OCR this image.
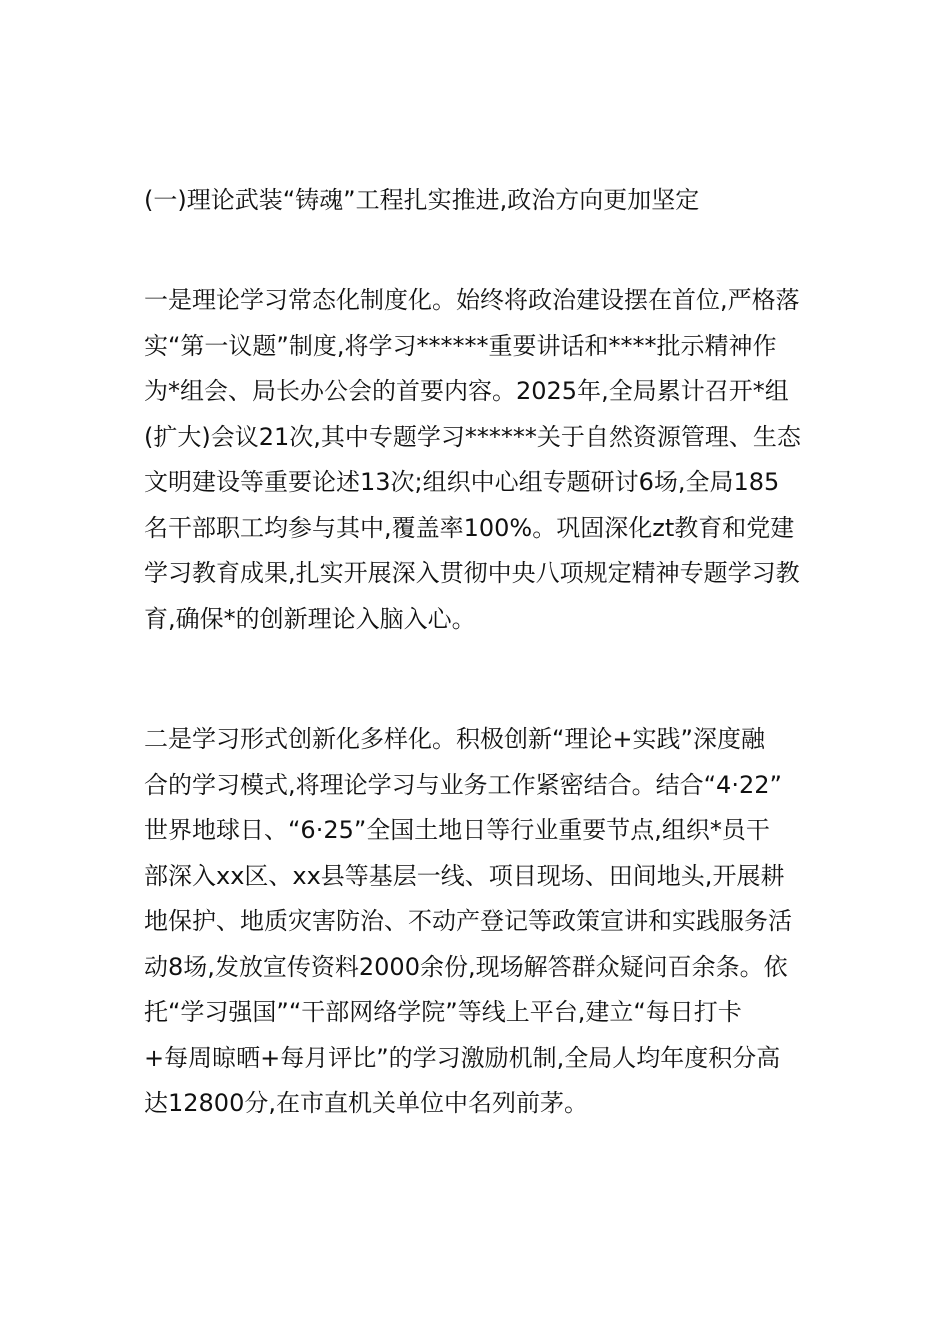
(一)理论武装“铸魂”工程扎实推进,政治方向更加坚定
一是理论学习常态化制度化。始终将政治建设摆在首位,严格落
实“第一议题”制度,将学习******重要讲话和****批示精神作
为*组会、局长办公会的首要内容。2025年,全局累计召开*组
(扩大)会议21次,其中专题学习******关于自然资源管理、生态
文明建设等重要论述13次;组织中心组专题研讨6场,全局185
名干部职工均参与其中,覆盖率100%。巩固深化zt教育和党建
学习教育成果,扎实开展深入贯彻中央八项规定精神专题学习教
育,确保*的创新理论入脑入心。
二是学习形式创新化多样化。积极创新“理论+实践”深度融
合的学习模式,将理论学习与业务工作紧密结合。结合“4·22”
世界地球日、“6·25”全国土地日等行业重要节点,组织*员干
部深入xx区、xx县等基层一线、项目现场、田间地头,开展耕
地保护、地质灾害防治、不动产登记等政策宣讲和实践服务活
动8场,发放宣传资料2000余份,现场解答群众疑问百余条。依
托“学习强国”“干部网络学院”等线上平台,建立“每日打卡
+每周晾晒+每月评比”的学习激励机制,全局人均年度积分高
达12800分,在市直机关单位中名列前茅。
